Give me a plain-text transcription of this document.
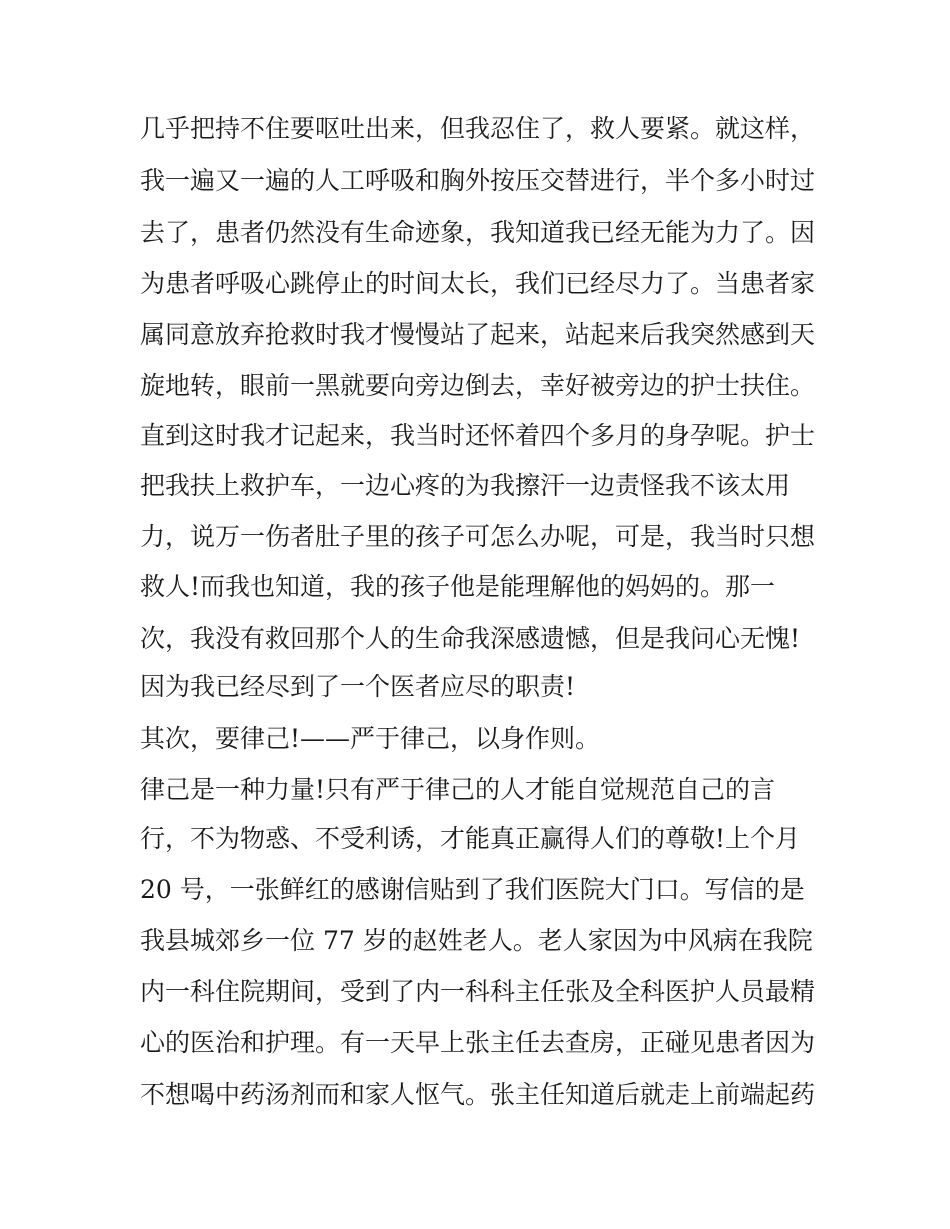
几乎把持不住要呕吐出来，但我忍住了，救人要紧。就这样，
我一遍又一遍的人工呼吸和胸外按压交替进行，半个多小时过
去了，患者仍然没有生命迹象，我知道我已经无能为力了。因
为患者呼吸心跳停止的时间太长，我们已经尽力了。当患者家
属同意放弃抢救时我才慢慢站了起来，站起来后我突然感到天
旋地转，眼前一黑就要向旁边倒去，幸好被旁边的护士扶住。
直到这时我才记起来，我当时还怀着四个多月的身孕呢。护士
把我扶上救护车，一边心疼的为我擦汗一边责怪我不该太用
力，说万一伤者肚子里的孩子可怎么办呢，可是，我当时只想
救人!而我也知道，我的孩子他是能理解他的妈妈的。那一
次，我没有救回那个人的生命我深感遗憾，但是我问心无愧!
因为我已经尽到了一个医者应尽的职责!
其次，要律己!——严于律己，以身作则。
律己是一种力量!只有严于律己的人才能自觉规范自己的言
行，不为物惑、不受利诱，才能真正赢得人们的尊敬!上个月
20 号，一张鲜红的感谢信贴到了我们医院大门口。写信的是
我县城郊乡一位 77 岁的赵姓老人。老人家因为中风病在我院
内一科住院期间，受到了内一科科主任张及全科医护人员最精
心的医治和护理。有一天早上张主任去查房，正碰见患者因为
不想喝中药汤剂而和家人怄气。张主任知道后就走上前端起药
